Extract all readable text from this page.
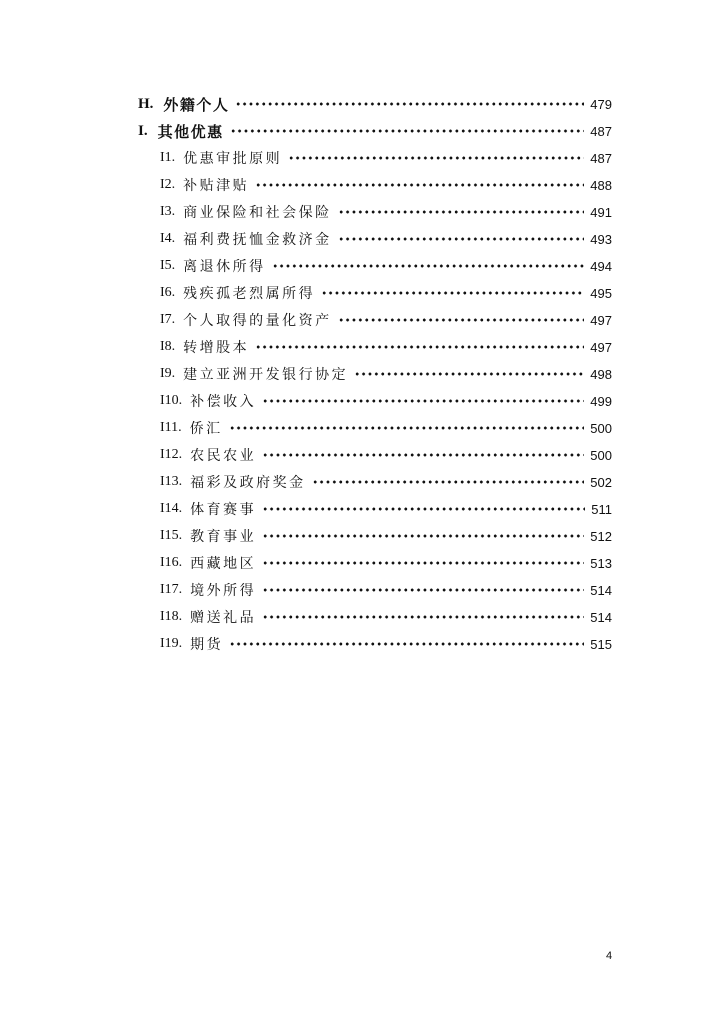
H. 外籍个人	479
I. 其他优惠	487
I1. 优惠审批原则	487
I2. 补贴津贴	488
I3. 商业保险和社会保险	491
I4. 福利费抚恤金救济金	493
I5. 离退休所得	494
I6. 残疾孤老烈属所得	495
I7. 个人取得的量化资产	497
I8. 转增股本	497
I9. 建立亚洲开发银行协定	498
I10. 补偿收入	499
I11. 侨汇	500
I12. 农民农业	500
I13. 福彩及政府奖金	502
I14. 体育赛事	511
I15. 教育事业	512
I16. 西藏地区	513
I17. 境外所得	514
I18. 赠送礼品	514
I19. 期货	515
4
